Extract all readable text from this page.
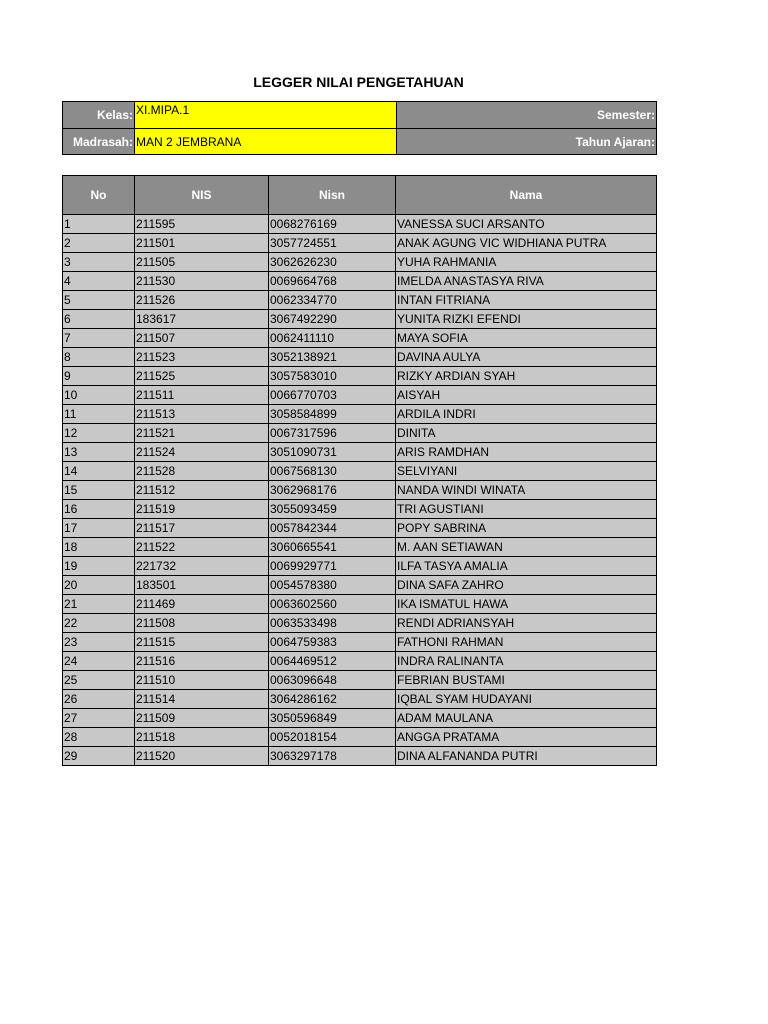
LEGGER NILAI PENGETAHUAN
Kelas:	XI.MIPA.1	Semester:
Madrasah:	MAN 2 JEMBRANA	Tahun Ajaran:
No	NIS	Nisn	Nama
1	211595	0068276169	VANESSA SUCI ARSANTO
2	211501	3057724551	ANAK AGUNG VIC WIDHIANA PUTRA
3	211505	3062626230	YUHA RAHMANIA
4	211530	0069664768	IMELDA ANASTASYA RIVA
5	211526	0062334770	INTAN FITRIANA
6	183617	3067492290	YUNITA RIZKI EFENDI
7	211507	0062411110	MAYA SOFIA
8	211523	3052138921	DAVINA AULYA
9	211525	3057583010	RIZKY ARDIAN SYAH
10	211511	0066770703	AISYAH
11	211513	3058584899	ARDILA INDRI
12	211521	0067317596	DINITA
13	211524	3051090731	ARIS RAMDHAN
14	211528	0067568130	SELVIYANI
15	211512	3062968176	NANDA WINDI WINATA
16	211519	3055093459	TRI AGUSTIANI
17	211517	0057842344	POPY SABRINA
18	211522	3060665541	M. AAN SETIAWAN
19	221732	0069929771	ILFA TASYA AMALIA
20	183501	0054578380	DINA SAFA ZAHRO
21	211469	0063602560	IKA ISMATUL HAWA
22	211508	0063533498	RENDI ADRIANSYAH
23	211515	0064759383	FATHONI RAHMAN
24	211516	0064469512	INDRA RALINANTA
25	211510	0063096648	FEBRIAN BUSTAMI
26	211514	3064286162	IQBAL SYAM HUDAYANI
27	211509	3050596849	ADAM MAULANA
28	211518	0052018154	ANGGA PRATAMA
29	211520	3063297178	DINA ALFANANDA PUTRI
